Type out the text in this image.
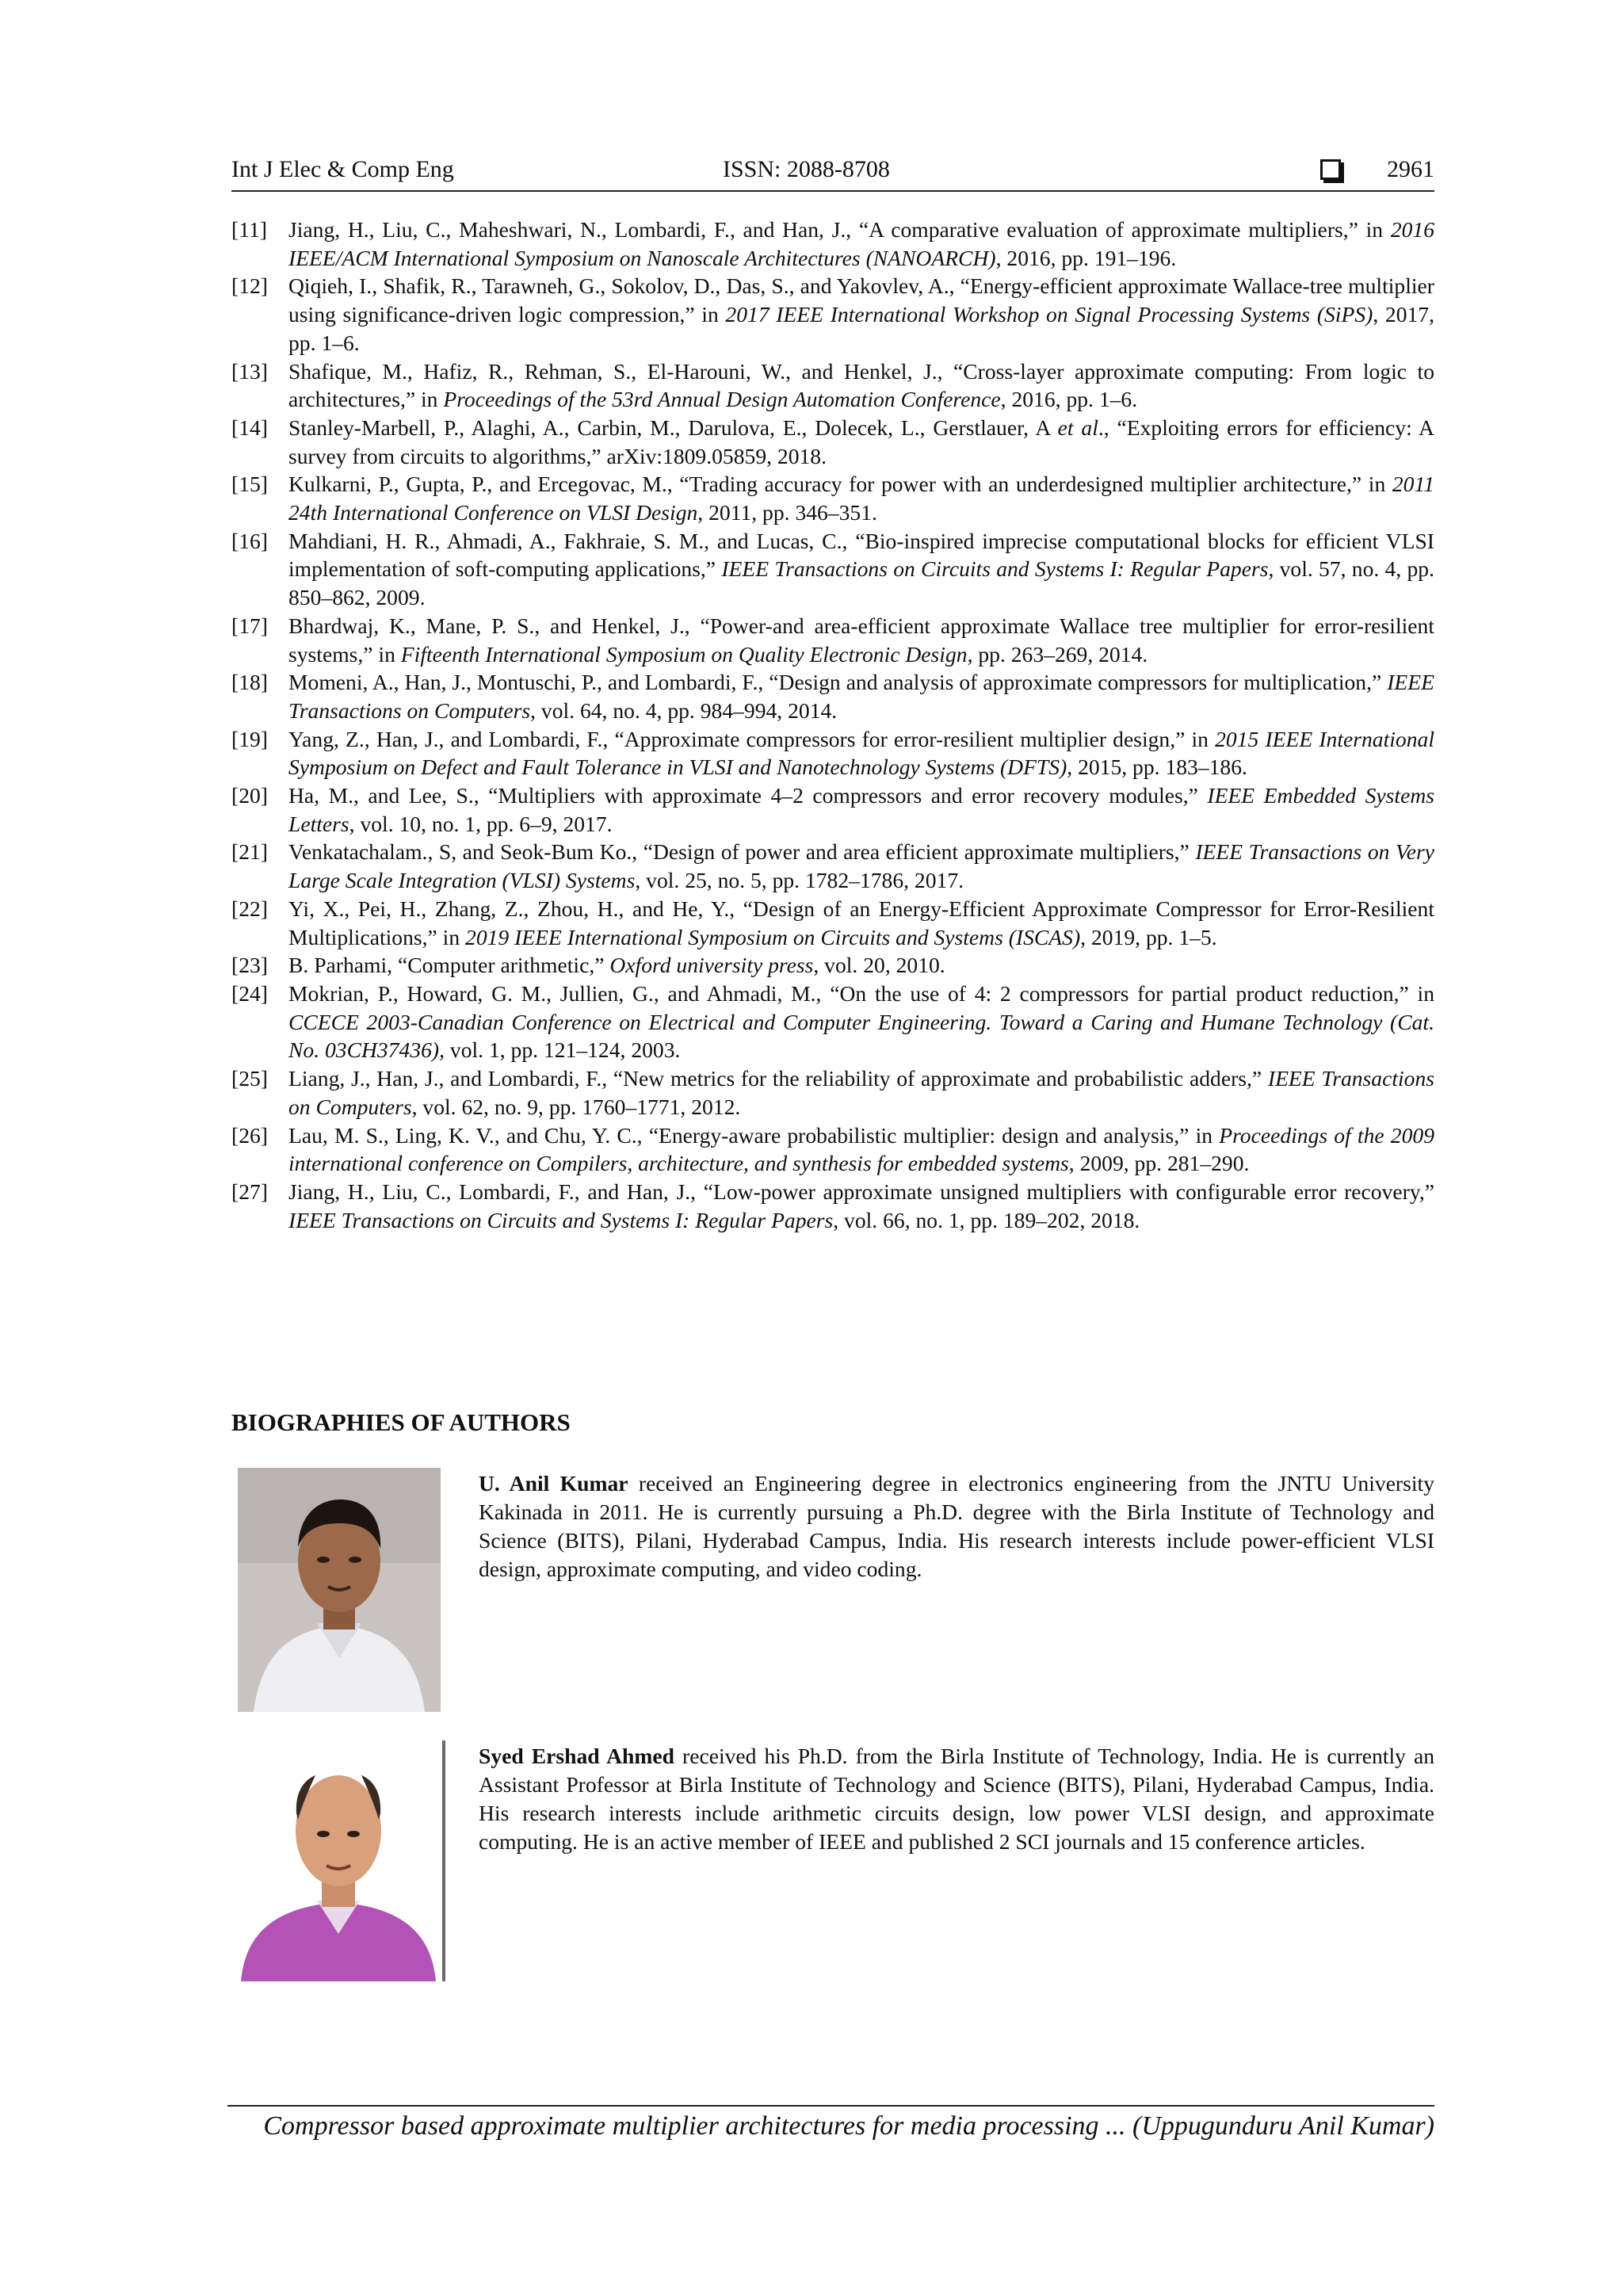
Int J Elec & Comp Eng	ISSN: 2088-8708	2961
[11] Jiang, H., Liu, C., Maheshwari, N., Lombardi, F., and Han, J., “A comparative evaluation of approximate multipliers,” in 2016 IEEE/ACM International Symposium on Nanoscale Architectures (NANOARCH), 2016, pp. 191–196.
[12] Qiqieh, I., Shafik, R., Tarawneh, G., Sokolov, D., Das, S., and Yakovlev, A., “Energy-efficient approximate Wallace-tree multiplier using significance-driven logic compression,” in 2017 IEEE International Workshop on Signal Processing Systems (SiPS), 2017, pp. 1–6.
[13] Shafique, M., Hafiz, R., Rehman, S., El-Harouni, W., and Henkel, J., “Cross-layer approximate computing: From logic to architectures,” in Proceedings of the 53rd Annual Design Automation Conference, 2016, pp. 1–6.
[14] Stanley-Marbell, P., Alaghi, A., Carbin, M., Darulova, E., Dolecek, L., Gerstlauer, A et al., “Exploiting errors for efficiency: A survey from circuits to algorithms,” arXiv:1809.05859, 2018.
[15] Kulkarni, P., Gupta, P., and Ercegovac, M., “Trading accuracy for power with an underdesigned multiplier architecture,” in 2011 24th International Conference on VLSI Design, 2011, pp. 346–351.
[16] Mahdiani, H. R., Ahmadi, A., Fakhraie, S. M., and Lucas, C., “Bio-inspired imprecise computational blocks for efficient VLSI implementation of soft-computing applications,” IEEE Transactions on Circuits and Systems I: Regular Papers, vol. 57, no. 4, pp. 850–862, 2009.
[17] Bhardwaj, K., Mane, P. S., and Henkel, J., “Power-and area-efficient approximate Wallace tree multiplier for error-resilient systems,” in Fifteenth International Symposium on Quality Electronic Design, pp. 263–269, 2014.
[18] Momeni, A., Han, J., Montuschi, P., and Lombardi, F., “Design and analysis of approximate compressors for multiplication,” IEEE Transactions on Computers, vol. 64, no. 4, pp. 984–994, 2014.
[19] Yang, Z., Han, J., and Lombardi, F., “Approximate compressors for error-resilient multiplier design,” in 2015 IEEE International Symposium on Defect and Fault Tolerance in VLSI and Nanotechnology Systems (DFTS), 2015, pp. 183–186.
[20] Ha, M., and Lee, S., “Multipliers with approximate 4–2 compressors and error recovery modules,” IEEE Embedded Systems Letters, vol. 10, no. 1, pp. 6–9, 2017.
[21] Venkatachalam., S, and Seok-Bum Ko., “Design of power and area efficient approximate multipliers,” IEEE Transactions on Very Large Scale Integration (VLSI) Systems, vol. 25, no. 5, pp. 1782–1786, 2017.
[22] Yi, X., Pei, H., Zhang, Z., Zhou, H., and He, Y., “Design of an Energy-Efficient Approximate Compressor for Error-Resilient Multiplications,” in 2019 IEEE International Symposium on Circuits and Systems (ISCAS), 2019, pp. 1–5.
[23] B. Parhami, “Computer arithmetic,” Oxford university press, vol. 20, 2010.
[24] Mokrian, P., Howard, G. M., Jullien, G., and Ahmadi, M., “On the use of 4: 2 compressors for partial product reduction,” in CCECE 2003-Canadian Conference on Electrical and Computer Engineering. Toward a Caring and Humane Technology (Cat. No. 03CH37436), vol. 1, pp. 121–124, 2003.
[25] Liang, J., Han, J., and Lombardi, F., “New metrics for the reliability of approximate and probabilistic adders,” IEEE Transactions on Computers, vol. 62, no. 9, pp. 1760–1771, 2012.
[26] Lau, M. S., Ling, K. V., and Chu, Y. C., “Energy-aware probabilistic multiplier: design and analysis,” in Proceedings of the 2009 international conference on Compilers, architecture, and synthesis for embedded systems, 2009, pp. 281–290.
[27] Jiang, H., Liu, C., Lombardi, F., and Han, J., “Low-power approximate unsigned multipliers with configurable error recovery,” IEEE Transactions on Circuits and Systems I: Regular Papers, vol. 66, no. 1, pp. 189–202, 2018.
BIOGRAPHIES OF AUTHORS
U. Anil Kumar received an Engineering degree in electronics engineering from the JNTU University Kakinada in 2011. He is currently pursuing a Ph.D. degree with the Birla Institute of Technology and Science (BITS), Pilani, Hyderabad Campus, India. His research interests include power-efficient VLSI design, approximate computing, and video coding.
Syed Ershad Ahmed received his Ph.D. from the Birla Institute of Technology, India. He is currently an Assistant Professor at Birla Institute of Technology and Science (BITS), Pilani, Hyderabad Campus, India. His research interests include arithmetic circuits design, low power VLSI design, and approximate computing. He is an active member of IEEE and published 2 SCI journals and 15 conference articles.
Compressor based approximate multiplier architectures for media processing ... (Uppugunduru Anil Kumar)
